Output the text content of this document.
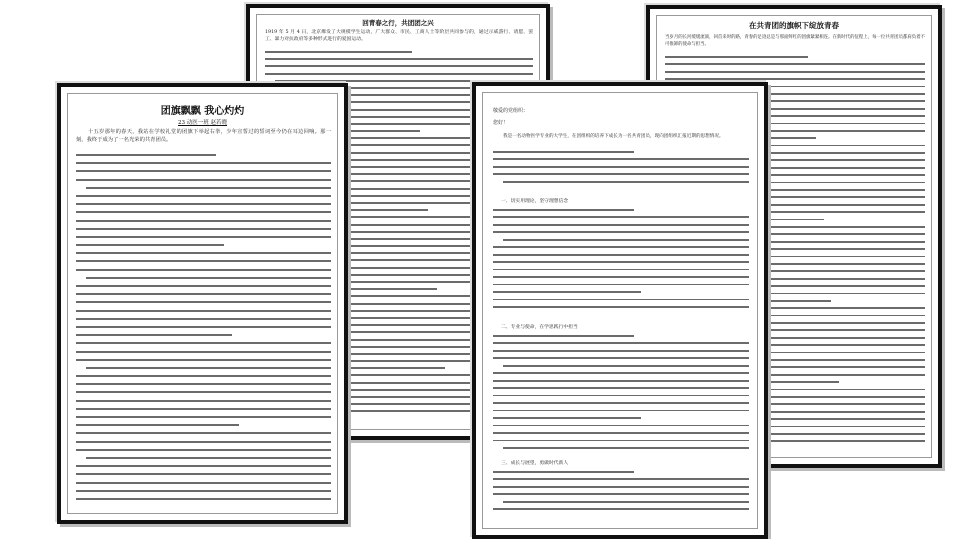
在共青团的旗帜下绽放青春
当岁月的长河缓缓流淌，回首来时的路，青春的足迹总是与那面鲜红的团旗紧紧相连。在新时代的征程上，每一位共青团员都肩负着不可推卸的使命与担当。
回青春之行，共团团之兴
1919 年 5 月 4 日，北京爆发了大规模学生运动，广大群众、市民、工商人士等阶层共同参与的，通过示威游行、请愿、罢工、暴力对抗政府等多种形式进行的爱国运动。
团旗飘飘 我心灼灼
23 动医一班 赵若晓
十五岁那年的春天，我站在学校礼堂的团旗下举起右拳，少年宣誓过的誓词至今仍在耳边回响。那一刻，我终于成为了一名光荣的共青团员。
敬爱的党组织：
您好！
我是一名动物医学专业的大学生，在团组织的培养下成长为一名共青团员，现向团组织汇报近期的思想情况。
一、切实用理论，坚守理想信念
二、专业与使命，在学思践行中担当
三、成长与展望，勇做时代新人
